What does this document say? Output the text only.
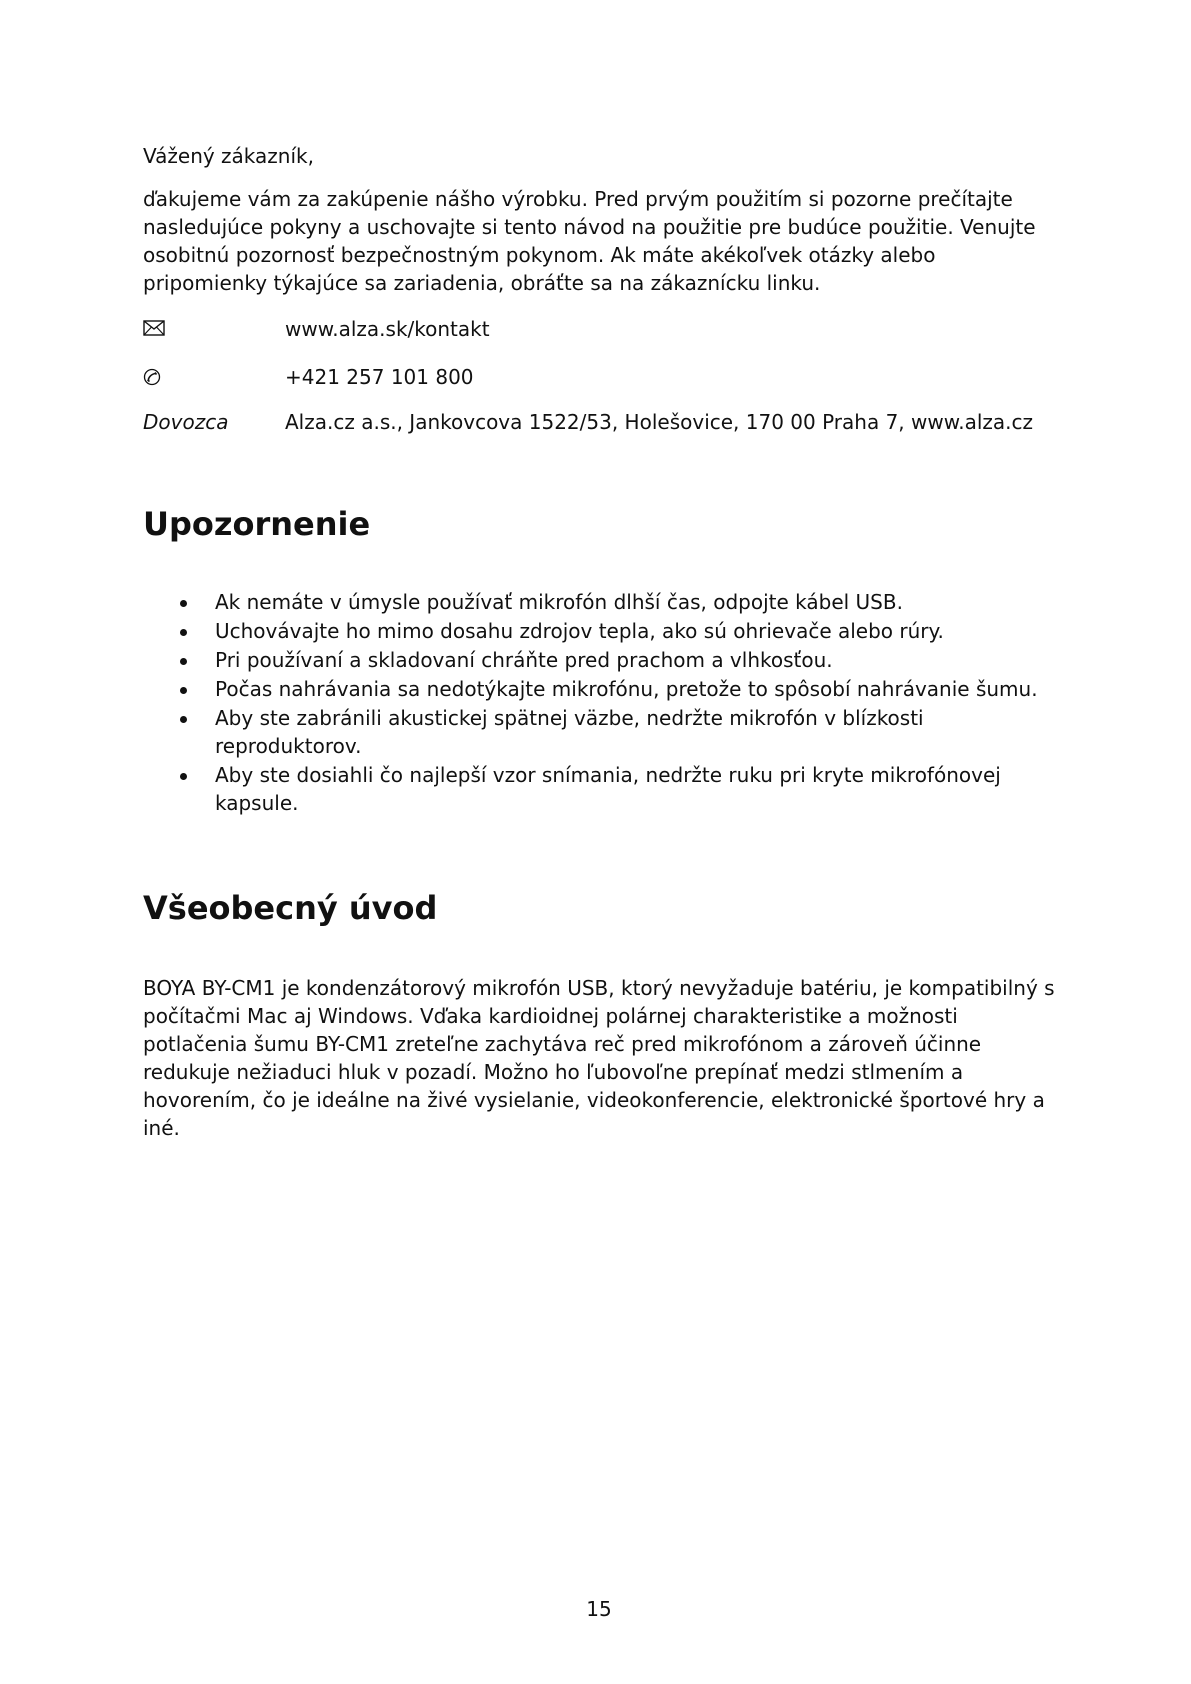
Vážený zákazník,

ďakujeme vám za zakúpenie nášho výrobku. Pred prvým použitím si pozorne prečítajte nasledujúce pokyny a uschovajte si tento návod na použitie pre budúce použitie. Venujte osobitnú pozornosť bezpečnostným pokynom. Ak máte akékoľvek otázky alebo pripomienky týkajúce sa zariadenia, obráťte sa na zákaznícku linku.

www.alza.sk/kontakt
+421 257 101 800
Dovozca	Alza.cz a.s., Jankovcova 1522/53, Holešovice, 170 00 Praha 7, www.alza.cz
Upozornenie
Ak nemáte v úmysle používať mikrofón dlhší čas, odpojte kábel USB.
Uchovávajte ho mimo dosahu zdrojov tepla, ako sú ohrievače alebo rúry.
Pri používaní a skladovaní chráňte pred prachom a vlhkosťou.
Počas nahrávania sa nedotýkajte mikrofónu, pretože to spôsobí nahrávanie šumu.
Aby ste zabránili akustickej spätnej väzbe, nedržte mikrofón v blízkosti reproduktorov.
Aby ste dosiahli čo najlepší vzor snímania, nedržte ruku pri kryte mikrofónovej kapsule.
Všeobecný úvod

BOYA BY-CM1 je kondenzátorový mikrofón USB, ktorý nevyžaduje batériu, je kompatibilný s počítačmi Mac aj Windows. Vďaka kardioidnej polárnej charakteristike a možnosti potlačenia šumu BY-CM1 zreteľne zachytáva reč pred mikrofónom a zároveň účinne redukuje nežiaduci hluk v pozadí. Možno ho ľubovoľne prepínať medzi stlmením a hovorením, čo je ideálne na živé vysielanie, videokonferencie, elektronické športové hry a iné.

15
